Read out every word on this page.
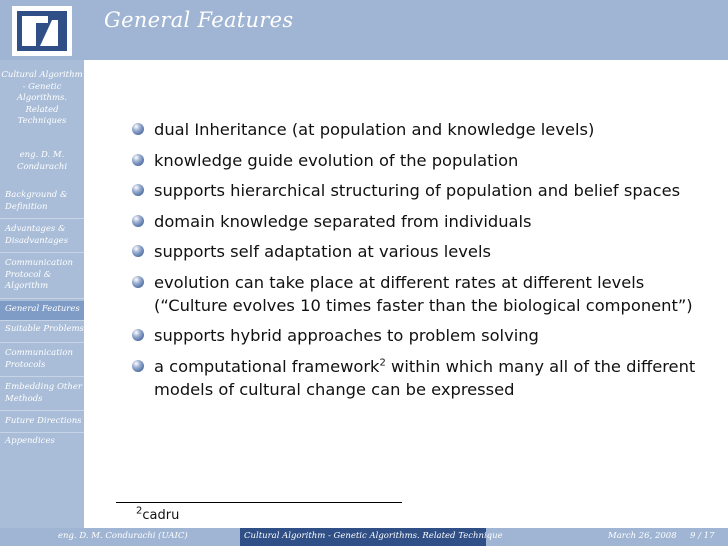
General Features
Cultural Algorithm - Genetic Algorithms. Related Techniques
eng. D. M. Condurachi
Background & Definition
Advantages & Disadvantages
Communication Protocol & Algorithm
General Features
Suitable Problems
Communication Protocols
Embedding Other Methods
Future Directions
Appendices
dual Inheritance (at population and knowledge levels)
knowledge guide evolution of the population
supports hierarchical structuring of population and belief spaces
domain knowledge separated from individuals
supports self adaptation at various levels
evolution can take place at different rates at different levels (“Culture evolves 10 times faster than the biological component”)
supports hybrid approaches to problem solving
a computational framework$^2$ within which many all of the different models of cultural change can be expressed
$^2$cadru
eng. D. M. Condurachi (UAIC)	Cultural Algorithm - Genetic Algorithms. Related Technique	March 26, 2008 9 / 17
